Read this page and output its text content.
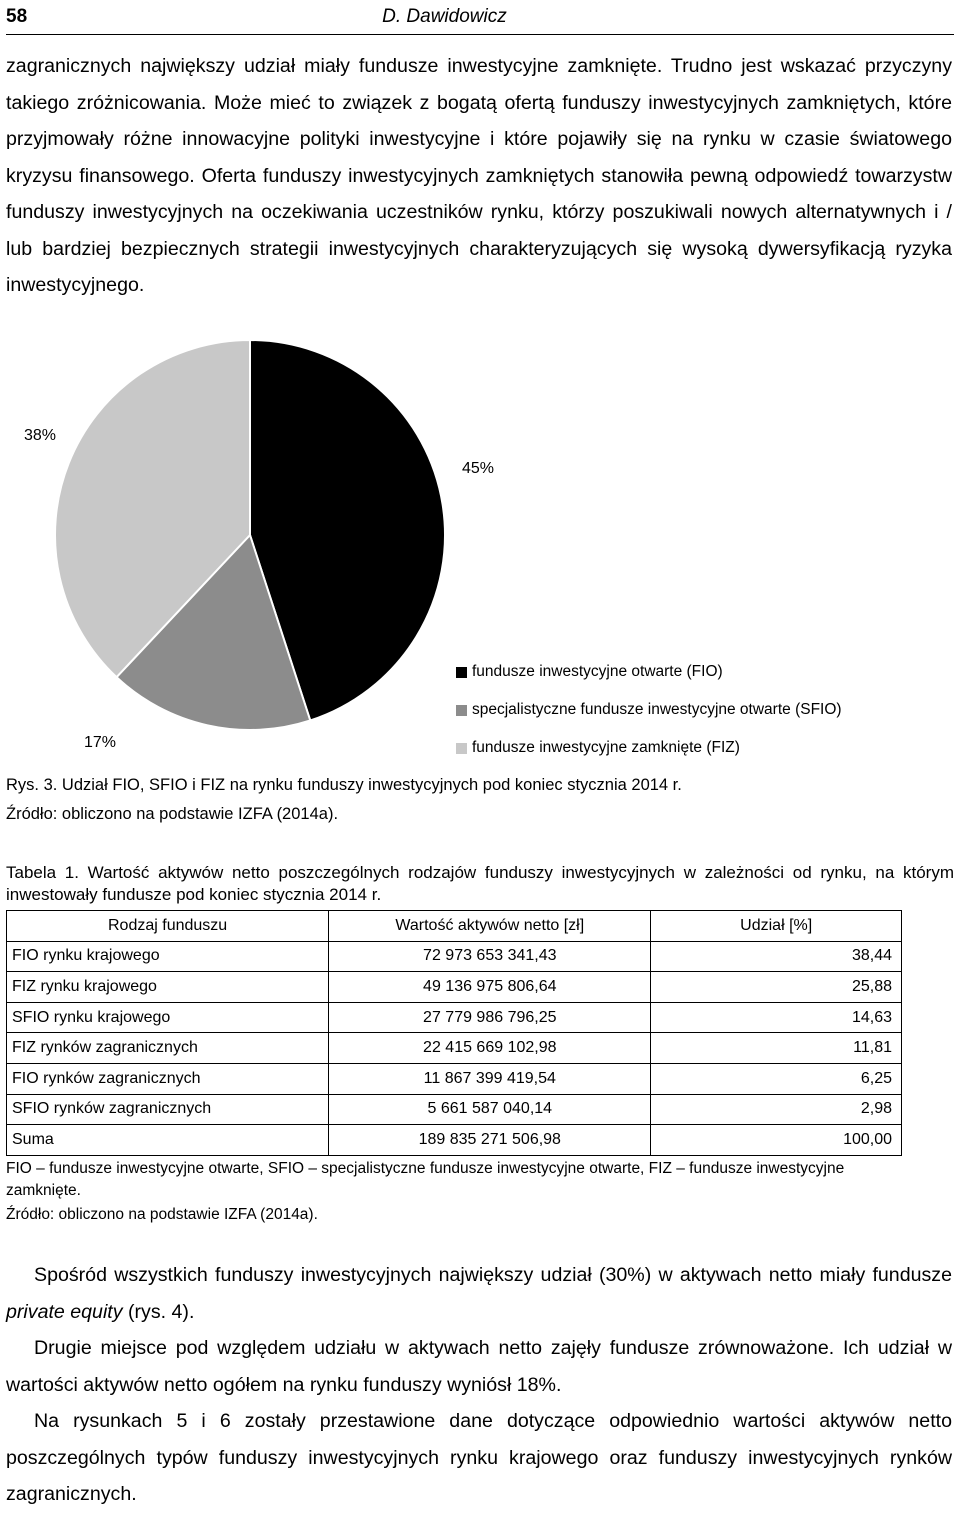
58	D. Dawidowicz

zagranicznych największy udział miały fundusze inwestycyjne zamknięte. Trudno jest wskazać przyczyny takiego zróżnicowania. Może mieć to związek z bogatą ofertą funduszy inwestycyjnych zamkniętych, które przyjmowały różne innowacyjne polityki inwestycyjne i które pojawiły się na rynku w czasie światowego kryzysu finansowego. Oferta funduszy inwestycyjnych zamkniętych stanowiła pewną odpowiedź towarzystw funduszy inwestycyjnych na oczekiwania uczestników rynku, którzy poszukiwali nowych alternatywnych i / lub bardziej bezpiecznych strategii inwestycyjnych charakteryzujących się wysoką dywersyfikacją ryzyka inwestycyjnego.

45%
17%
38%
fundusze inwestycyjne otwarte (FIO)
specjalistyczne fundusze inwestycyjne otwarte (SFIO)
fundusze inwestycyjne zamknięte (FIZ)
Rys. 3. Udział FIO, SFIO i FIZ na rynku funduszy inwestycyjnych pod koniec stycznia 2014 r.
Źródło: obliczono na podstawie IZFA (2014a).
Tabela 1. Wartość aktywów netto poszczególnych rodzajów funduszy inwestycyjnych w zależności od rynku, na którym inwestowały fundusze pod koniec stycznia 2014 r.
Rodzaj funduszu	Wartość aktywów netto [zł]	Udział [%]
FIO rynku krajowego	72 973 653 341,43	38,44
FIZ rynku krajowego	49 136 975 806,64	25,88
SFIO rynku krajowego	27 779 986 796,25	14,63
FIZ rynków zagranicznych	22 415 669 102,98	11,81
FIO rynków zagranicznych	11 867 399 419,54	6,25
SFIO rynków zagranicznych	5 661 587 040,14	2,98
Suma	189 835 271 506,98	100,00
FIO – fundusze inwestycyjne otwarte, SFIO – specjalistyczne fundusze inwestycyjne otwarte, FIZ – fundusze inwestycyjne zamknięte.
Źródło: obliczono na podstawie IZFA (2014a).

Spośród wszystkich funduszy inwestycyjnych największy udział (30%) w aktywach netto miały fundusze private equity (rys. 4).

Drugie miejsce pod względem udziału w aktywach netto zajęły fundusze zrównoważone. Ich udział w wartości aktywów netto ogółem na rynku funduszy wyniósł 18%.

Na rysunkach 5 i 6 zostały przestawione dane dotyczące odpowiednio wartości aktywów netto poszczególnych typów funduszy inwestycyjnych rynku krajowego oraz funduszy inwestycyjnych rynków zagranicznych.
